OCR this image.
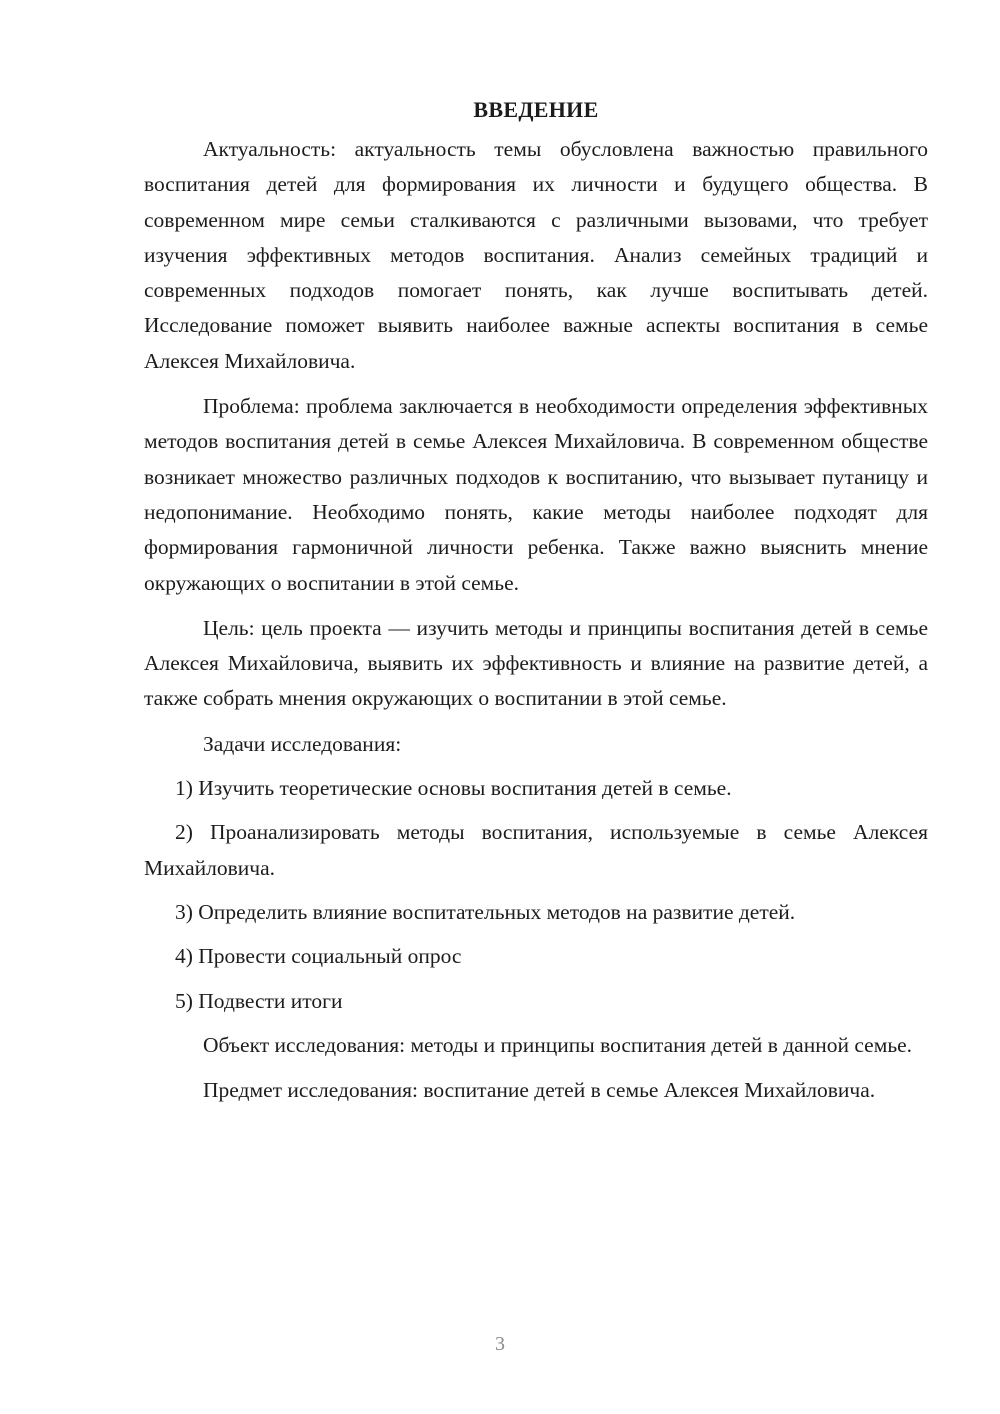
ВВЕДЕНИЕ

Актуальность: актуальность темы обусловлена важностью правильного воспитания детей для формирования их личности и будущего общества. В современном мире семьи сталкиваются с различными вызовами, что требует изучения эффективных методов воспитания. Анализ семейных традиций и современных подходов помогает понять, как лучше воспитывать детей. Исследование поможет выявить наиболее важные аспекты воспитания в семье Алексея Михайловича.

Проблема: проблема заключается в необходимости определения эффективных методов воспитания детей в семье Алексея Михайловича. В современном обществе возникает множество различных подходов к воспитанию, что вызывает путаницу и недопонимание. Необходимо понять, какие методы наиболее подходят для формирования гармоничной личности ребенка. Также важно выяснить мнение окружающих о воспитании в этой семье.

Цель: цель проекта — изучить методы и принципы воспитания детей в семье Алексея Михайловича, выявить их эффективность и влияние на развитие детей, а также собрать мнения окружающих о воспитании в этой семье.

Задачи исследования:

1) Изучить теоретические основы воспитания детей в семье.

2) Проанализировать методы воспитания, используемые в семье Алексея Михайловича.

3) Определить влияние воспитательных методов на развитие детей.

4) Провести социальный опрос

5) Подвести итоги

Объект исследования: методы и принципы воспитания детей в данной семье.

Предмет исследования: воспитание детей в семье Алексея Михайловича.

3
